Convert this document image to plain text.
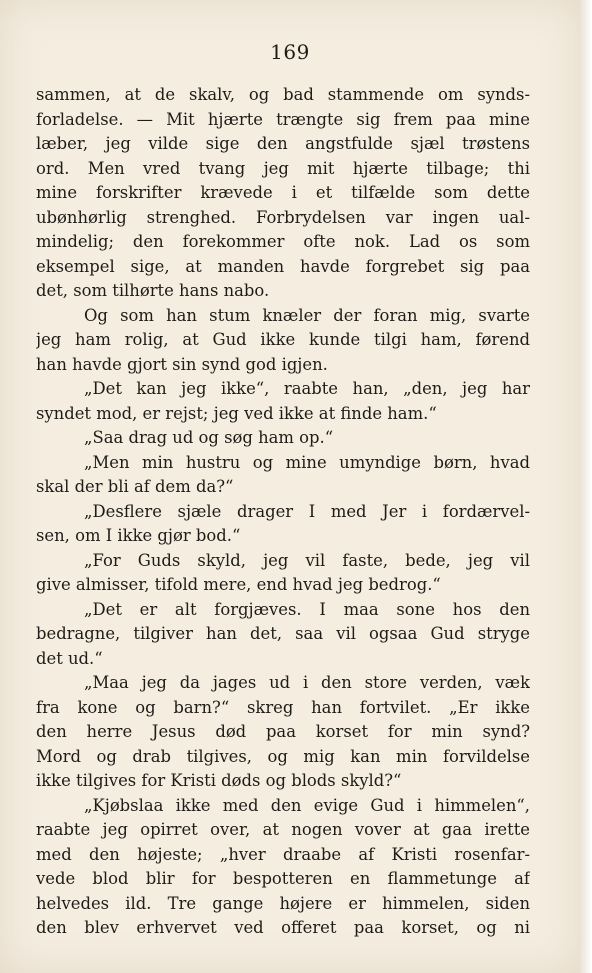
169
sammen, at de skalv, og bad stammende om synds-
forladelse. — Mit hjærte trængte sig frem paa mine
læber, jeg vilde sige den angstfulde sjæl trøstens
ord. Men vred tvang jeg mit hjærte tilbage; thi
mine forskrifter krævede i et tilfælde som dette
ubønhørlig strenghed. Forbrydelsen var ingen ual-
mindelig; den forekommer ofte nok. Lad os som
eksempel sige, at manden havde forgrebet sig paa
det, som tilhørte hans nabo.
Og som han stum knæler der foran mig, svarte
jeg ham rolig, at Gud ikke kunde tilgi ham, førend
han havde gjort sin synd god igjen.
„Det kan jeg ikke“, raabte han, „den, jeg har
syndet mod, er rejst; jeg ved ikke at finde ham.“
„Saa drag ud og søg ham op.“
„Men min hustru og mine umyndige børn, hvad
skal der bli af dem da?“
„Desflere sjæle drager I med Jer i fordærvel-
sen, om I ikke gjør bod.“
„For Guds skyld, jeg vil faste, bede, jeg vil
give almisser, tifold mere, end hvad jeg bedrog.“
„Det er alt forgjæves. I maa sone hos den
bedragne, tilgiver han det, saa vil ogsaa Gud stryge
det ud.“
„Maa jeg da jages ud i den store verden, væk
fra kone og barn?“ skreg han fortvilet. „Er ikke
den herre Jesus død paa korset for min synd?
Mord og drab tilgives, og mig kan min forvildelse
ikke tilgives for Kristi døds og blods skyld?“
„Kjøbslaa ikke med den evige Gud i himmelen“,
raabte jeg opirret over, at nogen vover at gaa irette
med den højeste; „hver draabe af Kristi rosenfar-
vede blod blir for bespotteren en flammetunge af
helvedes ild. Tre gange højere er himmelen, siden
den blev erhvervet ved offeret paa korset, og ni
